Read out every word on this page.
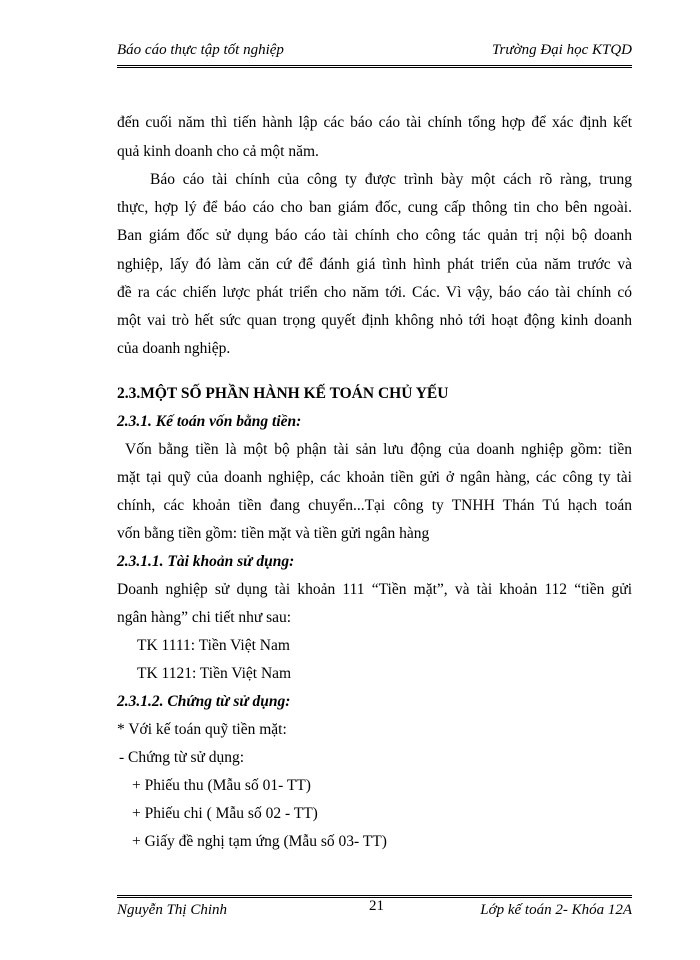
Báo cáo thực tập tốt nghiệp	Trường Đại học KTQD
đến cuối năm thì tiến hành lập các báo cáo tài chính tổng hợp để xác định kết
quả kinh doanh cho cả một năm.
Báo cáo tài chính của công ty được trình bày một cách rõ ràng, trung
thực, hợp lý để báo cáo cho ban giám đốc, cung cấp thông tin cho bên ngoài.
Ban giám đốc sử dụng báo cáo tài chính cho công tác quản trị nội bộ doanh
nghiệp, lấy đó làm căn cứ để đánh giá tình hình phát triển của năm trước và
đề ra các chiến lược phát triển cho năm tới. Các. Vì vậy, báo cáo tài chính có
một vai trò hết sức quan trọng quyết định không nhỏ tới hoạt động kinh doanh
của doanh nghiệp.
2.3.MỘT SỐ PHẦN HÀNH KẾ TOÁN CHỦ YẾU
2.3.1. Kế toán vốn bằng tiền:
Vốn bằng tiền là một bộ phận tài sản lưu động của doanh nghiệp gồm: tiền
mặt tại quỹ của doanh nghiệp, các khoản tiền gửi ở ngân hàng, các công ty tài
chính, các khoản tiền đang chuyển...Tại công ty TNHH Thán Tú hạch toán
vốn bằng tiền gồm: tiền mặt và tiền gửi ngân hàng
2.3.1.1. Tài khoản sử dụng:
Doanh nghiệp sử dụng tài khoản 111 “Tiền mặt”, và tài khoản 112 “tiền gửi
ngân hàng” chi tiết như sau:
TK 1111: Tiền Việt Nam
TK 1121: Tiền Việt Nam
2.3.1.2. Chứng từ sử dụng:
* Với kế toán quỹ tiền mặt:
- Chứng từ sử dụng:
+ Phiếu thu (Mẫu số 01- TT)
+ Phiếu chi ( Mẫu số 02 - TT)
+ Giấy đề nghị tạm ứng (Mẫu số 03- TT)
Nguyễn Thị Chinh	21	Lớp kế toán 2- Khóa 12A
